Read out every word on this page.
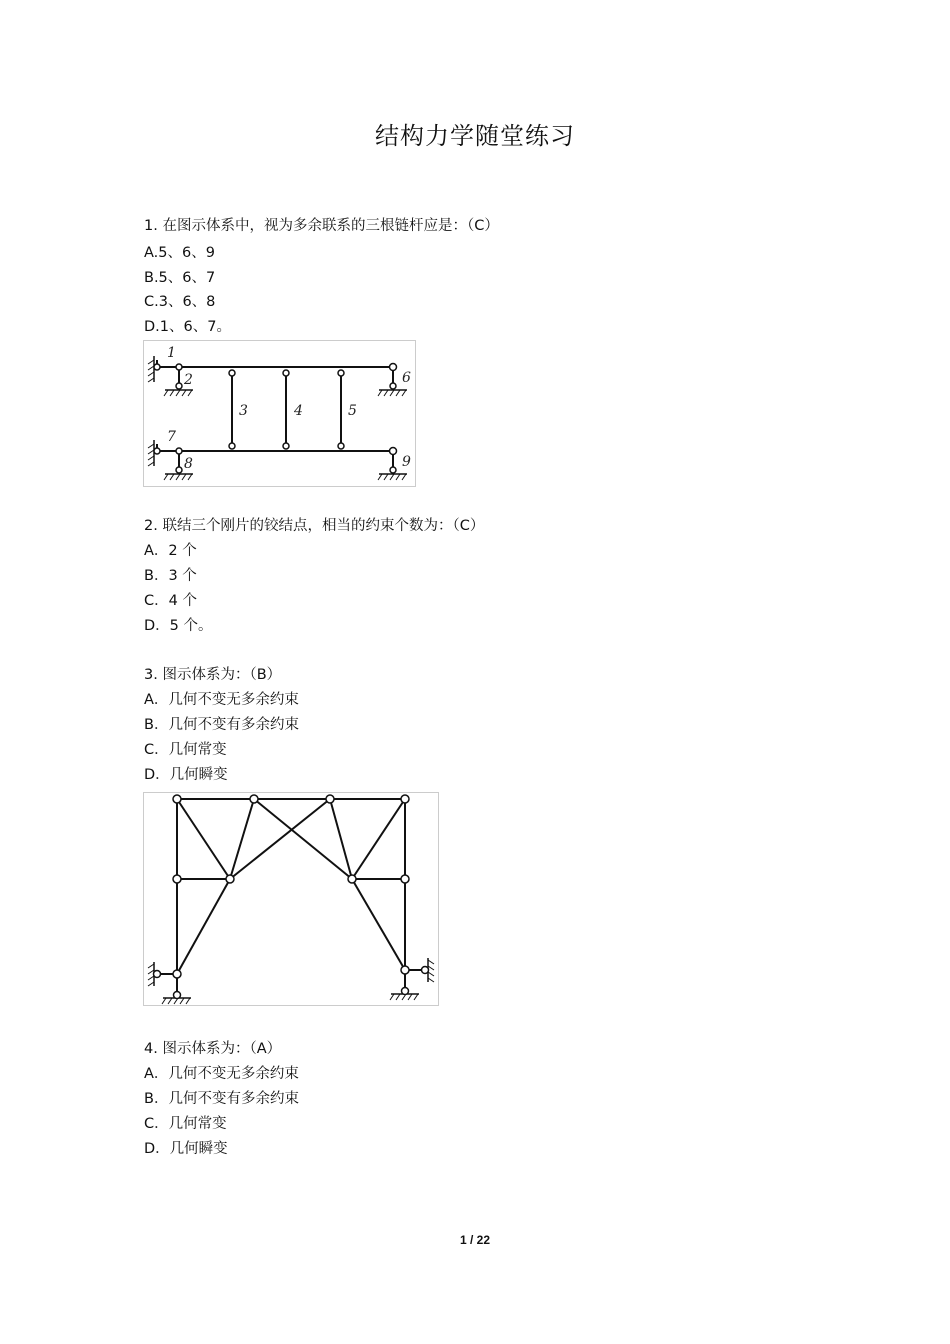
结构力学随堂练习
1. 在图示体系中，视为多余联系的三根链杆应是：（C）
A.5、6、9
B.5、6、7
C.3、6、8
D.1、6、7。
1
2
3	4	5
6
7
8	9
2. 联结三个刚片的铰结点，相当的约束个数为：（C）
A．2 个
B．3 个
C．4 个
D．5 个。
3. 图示体系为：（B）
A．几何不变无多余约束
B．几何不变有多余约束
C．几何常变
D．几何瞬变
4. 图示体系为：（A）
A．几何不变无多余约束
B．几何不变有多余约束
C．几何常变
D．几何瞬变
1 / 22
